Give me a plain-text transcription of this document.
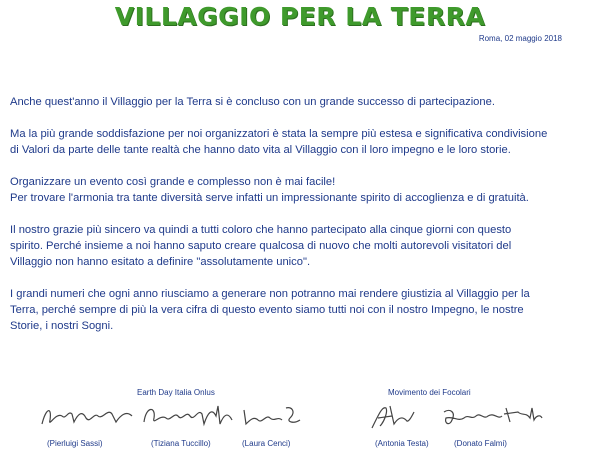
VILLAGGIO PER LA TERRA
Roma, 02 maggio 2018

Anche quest'anno il Villaggio per la Terra si è concluso con un grande successo di partecipazione.

Ma la più grande soddisfazione per noi organizzatori è stata la sempre più estesa e significativa condivisione
di Valori da parte delle tante realtà che hanno dato vita al Villaggio con il loro impegno e le loro storie.

Organizzare un evento così grande e complesso non è mai facile!
Per trovare l'armonia tra tante diversità serve infatti un impressionante spirito di accoglienza e di gratuità.

Il nostro grazie più sincero va quindi a tutti coloro che hanno partecipato alla cinque giorni con questo
spirito. Perché insieme a noi hanno saputo creare qualcosa di nuovo che molti autorevoli visitatori del
Villaggio non hanno esitato a definire "assolutamente unico".

I grandi numeri che ogni anno riusciamo a generare non potranno mai rendere giustizia al Villaggio per la
Terra, perché sempre di più la vera cifra di questo evento siamo tutti noi con il nostro Impegno, le nostre
Storie, i nostri Sogni.

Earth Day Italia Onlus	Movimento dei Focolari
(Pierluigi Sassi)	(Tiziana Tuccillo)	(Laura Cenci)	(Antonia Testa)	(Donato Falmi)
